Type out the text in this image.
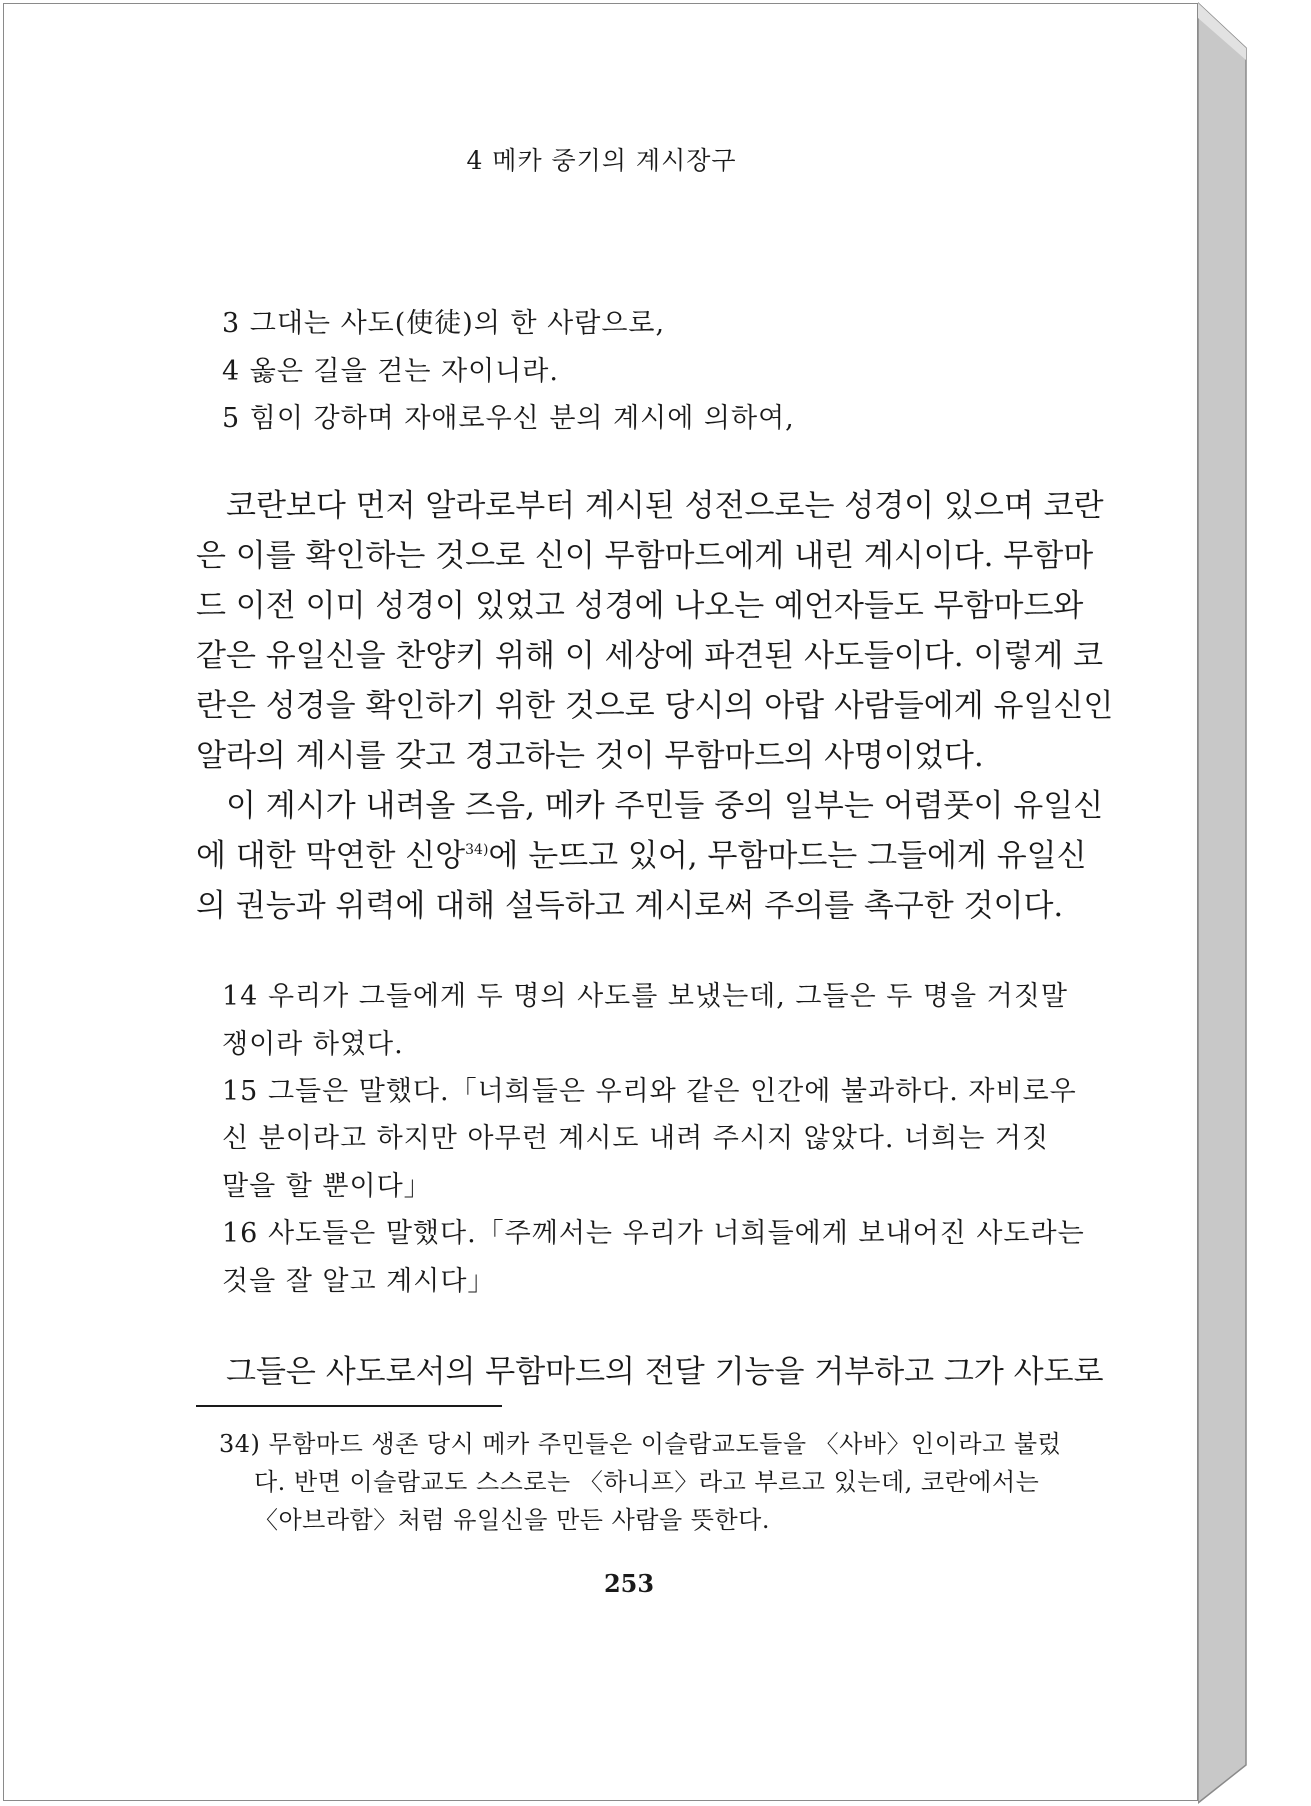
4 메카 중기의 계시장구
3 그대는 사도(使徒)의 한 사람으로,
4 옳은 길을 걷는 자이니라.
5 힘이 강하며 자애로우신 분의 계시에 의하여,
코란보다 먼저 알라로부터 계시된 성전으로는 성경이 있으며 코란
은 이를 확인하는 것으로 신이 무함마드에게 내린 계시이다. 무함마
드 이전 이미 성경이 있었고 성경에 나오는 예언자들도 무함마드와
같은 유일신을 찬양키 위해 이 세상에 파견된 사도들이다. 이렇게 코
란은 성경을 확인하기 위한 것으로 당시의 아랍 사람들에게 유일신인
알라의 계시를 갖고 경고하는 것이 무함마드의 사명이었다.
이 계시가 내려올 즈음, 메카 주민들 중의 일부는 어렴풋이 유일신
에 대한 막연한 신앙$^{34)}$에 눈뜨고 있어, 무함마드는 그들에게 유일신
의 권능과 위력에 대해 설득하고 계시로써 주의를 촉구한 것이다.
14 우리가 그들에게 두 명의 사도를 보냈는데, 그들은 두 명을 거짓말
쟁이라 하였다.
15 그들은 말했다.「너희들은 우리와 같은 인간에 불과하다. 자비로우
신 분이라고 하지만 아무런 계시도 내려 주시지 않았다. 너희는 거짓
말을 할 뿐이다」
16 사도들은 말했다.「주께서는 우리가 너희들에게 보내어진 사도라는
것을 잘 알고 계시다」
그들은 사도로서의 무함마드의 전달 기능을 거부하고 그가 사도로
34) 무함마드 생존 당시 메카 주민들은 이슬람교도들을 〈사바〉인이라고 불렀
다. 반면 이슬람교도 스스로는 〈하니프〉라고 부르고 있는데, 코란에서는
〈아브라함〉처럼 유일신을 만든 사람을 뜻한다.
253
